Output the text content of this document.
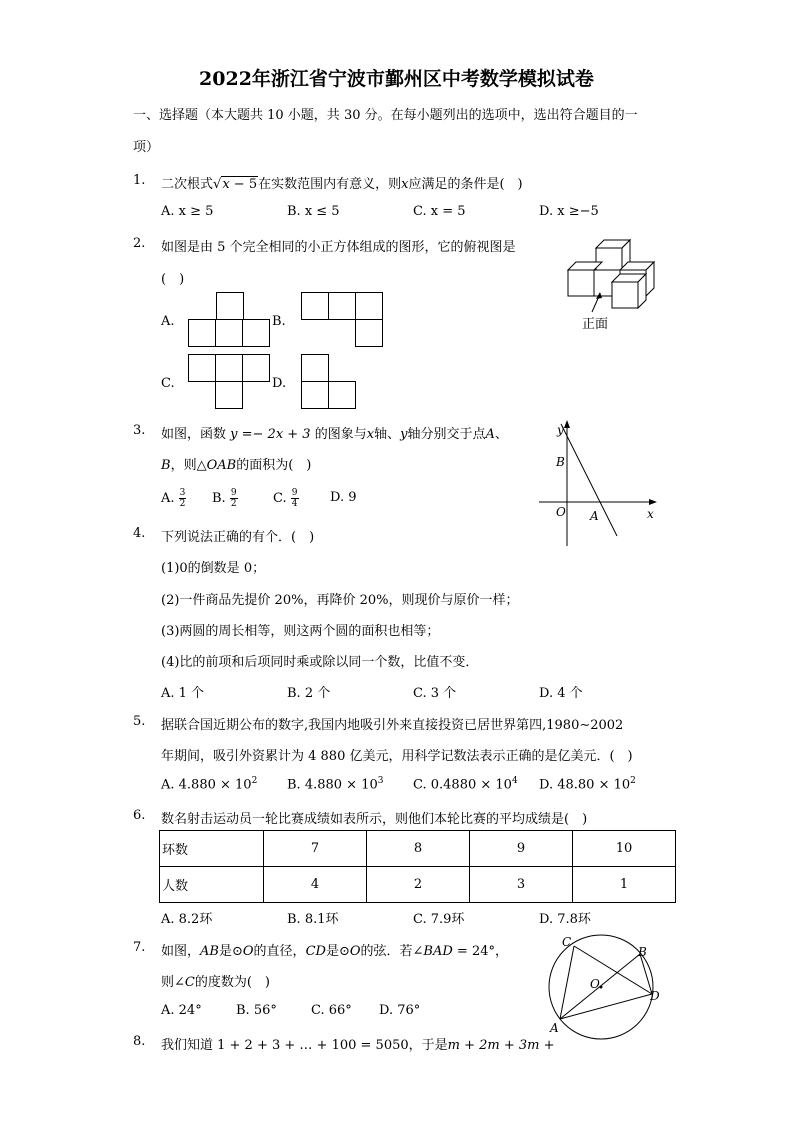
2022年浙江省宁波市鄞州区中考数学模拟试卷
一、选择题（本大题共 10 小题，共 30 分。在每小题列出的选项中，选出符合题目的一
项）
1. 二次根式√x − 5在实数范围内有意义，则x应满足的条件是(　)
A. x ≥ 5	B. x ≤ 5	C. x = 5	D. x ≥−5
2. 如图是由 5 个完全相同的小正方体组成的图形，它的俯视图是
(　)
A.	B.
C.	D.
正面
3. 如图，函数 y =− 2x + 3 的图象与x轴、y轴分别交于点A、
B，则△OAB的面积为(　)
A. $\frac{3}{2} B$. $\frac{9}{2}$	C. $\frac{9}{4} D$. 9
y
x
B
O A
4. 下列说法正确的有个．(　)
(1)0的倒数是 0；
(2)一件商品先提价 20%，再降价 20%，则现价与原价一样；
(3)两圆的周长相等，则这两个圆的面积也相等；
(4)比的前项和后项同时乘或除以同一个数，比值不变．
A. 1 个	B. 2 个	C. 3 个	D. 4 个
5. 据联合国近期公布的数字,我国内地吸引外来直接投资已居世界第四,1980∼2002
年期间，吸引外资累计为 4 880 亿美元，用科学记数法表示正确的是亿美元．(　)
A. $4.880 \times 10^2$ B. $4.880 \times 10^3$ C. $0.4880 \times 10^4$ D. $48.80 \times 10^2$
6. 数名射击运动员一轮比赛成绩如表所示，则他们本轮比赛的平均成绩是(　)
环数	7	8	9	10
人数	4	2	3	1
A. 8.2环	B. 8.1环	C. 7.9环	D. 7.8环
7. 如图，AB是⊙O的直径，CD是⊙O的弦．若∠BAD = 24°，
则∠C的度数为(　)
A. 24°	B. 56°	C. 66° D. 76°
C
B
O
D
A
8. 我们知道 1 + 2 + 3 + … + 100 = 5050，于是m + 2m + 3m +
